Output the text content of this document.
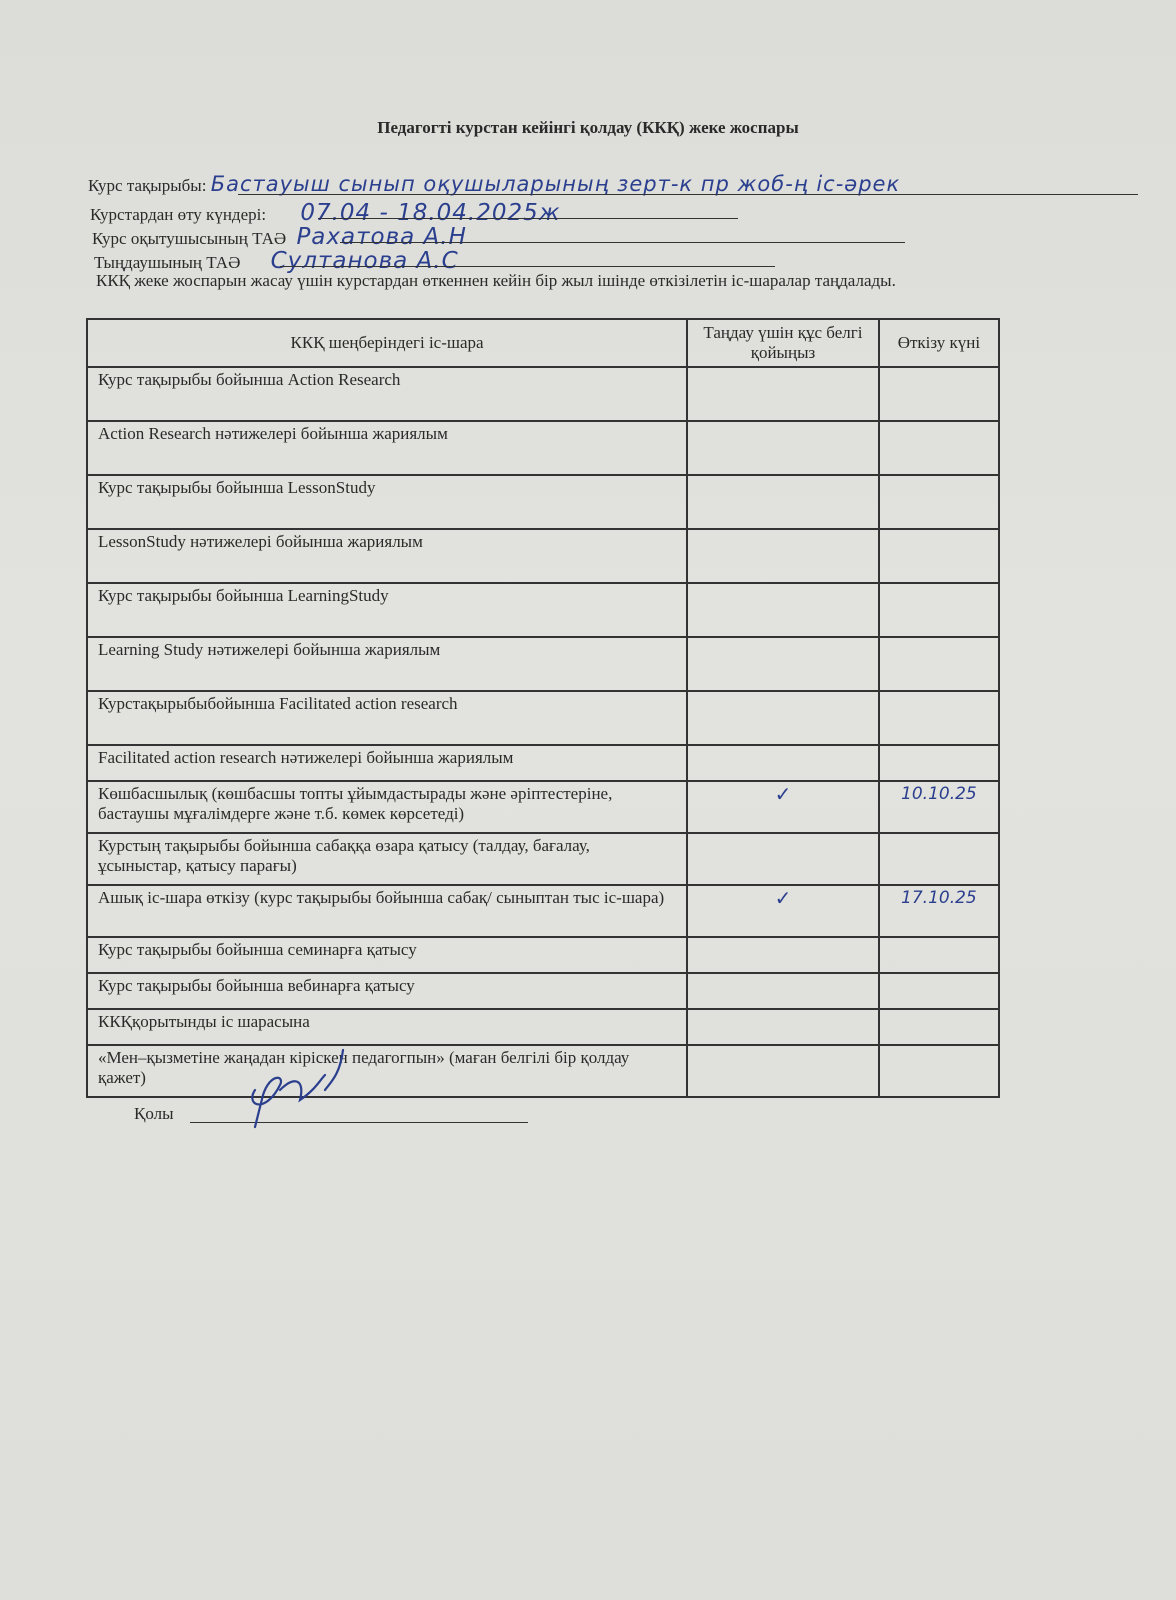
Педагогті курстан кейінгі қолдау (ККҚ) жеке жоспары
Курс тақырыбы: Бастауыш сынып оқушыларының зерт-к пр жоб-ң іс-әрек
Курстардан өту күндері: 07.04 - 18.04.2025ж
Курс оқытушысының ТАӘ Рахатова А.Н
Тыңдаушының ТАӘ Султанова А.С
ККҚ жеке жоспарын жасау үшін курстардан өткеннен кейін бір жыл ішінде өткізілетін іс-шаралар таңдалады.
ККҚ шеңберіндегі іс-шара	Таңдау үшін құс белгі қойыңыз	Өткізу күні
Курс тақырыбы бойынша Action Research		
Action Research нәтижелері бойынша жариялым		
Курс тақырыбы бойынша LessonStudy		
LessonStudy нәтижелері бойынша жариялым		
Курс тақырыбы бойынша LearningStudy		
Learning Study нәтижелері бойынша жариялым		
Курстақырыбыбойынша Facilitated action research		
Facilitated action research нәтижелері бойынша жариялым		
Көшбасшылық (көшбасшы топты ұйымдастырады және әріптестеріне, бастаушы мұғалімдерге және т.б. көмек көрсетеді)	✓	10.10.25
Курстың тақырыбы бойынша сабаққа өзара қатысу (талдау, бағалау, ұсыныстар, қатысу парағы)		
Ашық іс-шара өткізу (курс тақырыбы бойынша сабақ/ сыныптан тыс іс-шара)	✓	17.10.25
Курс тақырыбы бойынша семинарға қатысу		
Курс тақырыбы бойынша вебинарға қатысу		
ККҚқорытынды іс шарасына		
«Мен–қызметіне жаңадан кіріскен педагогпын» (маған белгілі бір қолдау қажет)		
Қолы
